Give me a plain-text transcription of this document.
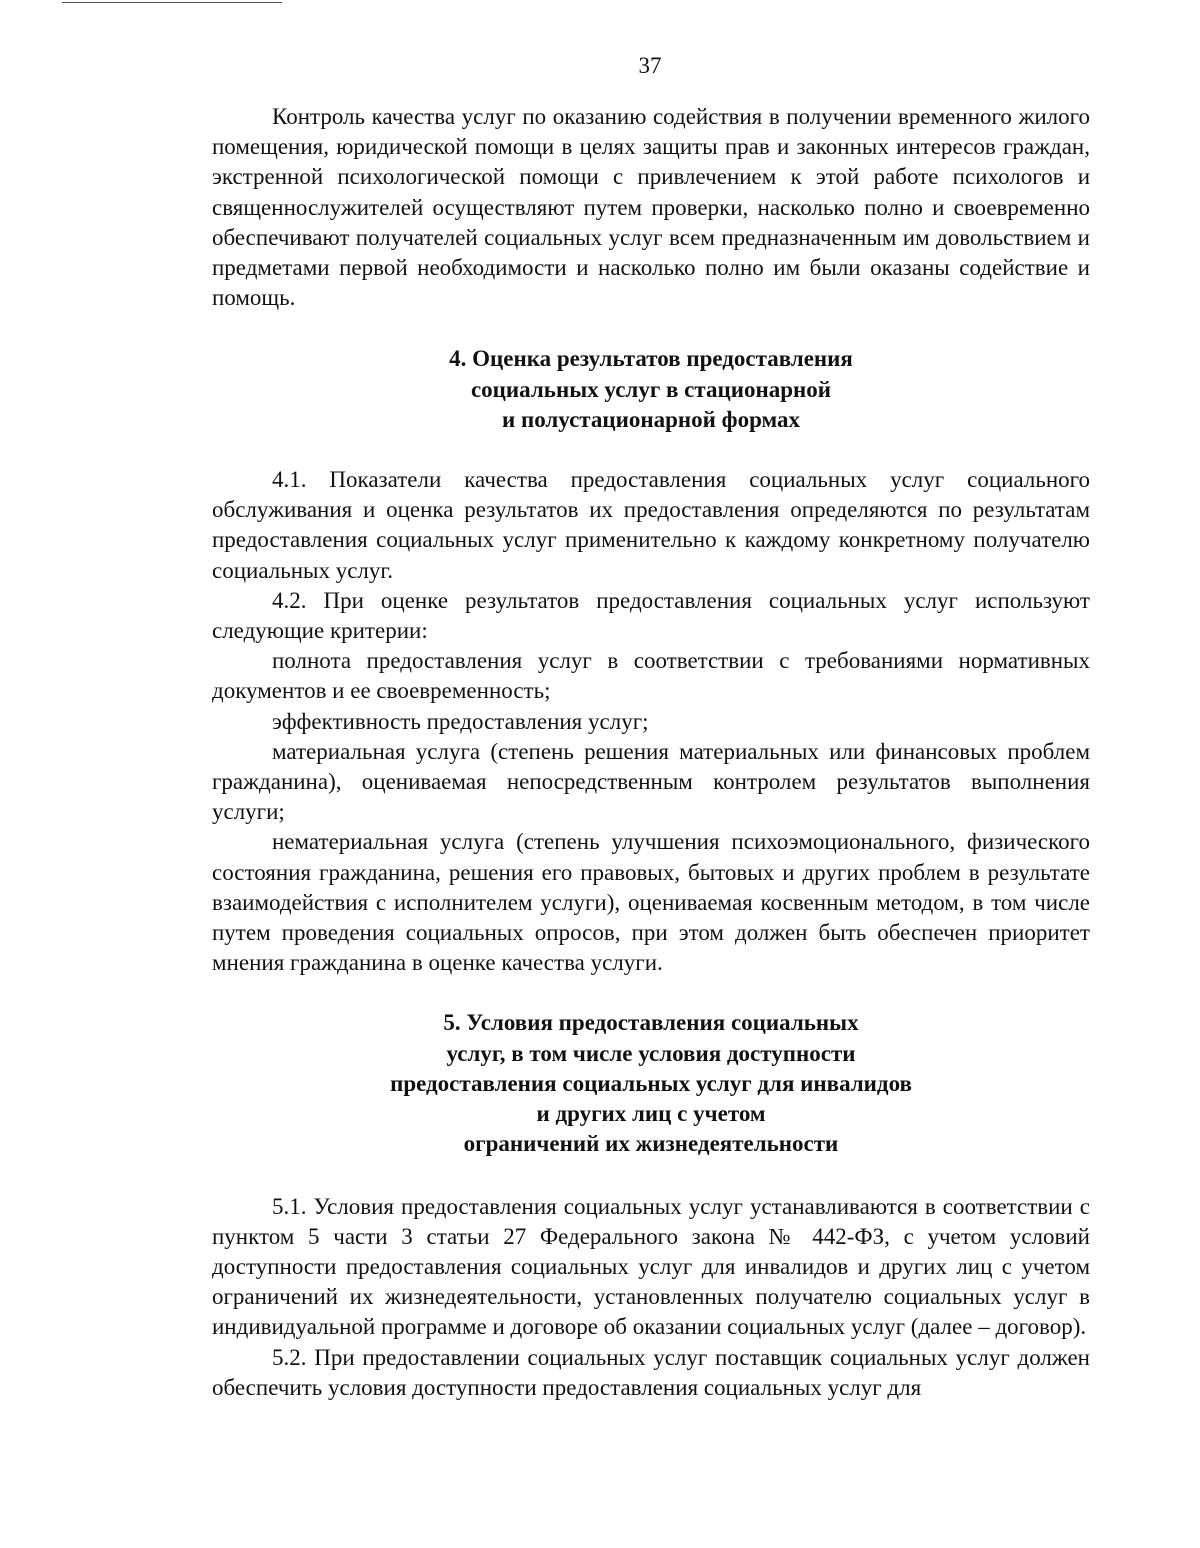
37

Контроль качества услуг по оказанию содействия в получении временного жилого помещения, юридической помощи в целях защиты прав и законных интересов граждан, экстренной психологической помощи с привлечением к этой работе психологов и священнослужителей осуществляют путем проверки, насколько полно и своевременно обеспечивают получателей социальных услуг всем предназначенным им довольствием и предметами первой необходимости и насколько полно им были оказаны содействие и помощь.

4. Оценка результатов предоставления
социальных услуг в стационарной
и полустационарной формах

4.1. Показатели качества предоставления социальных услуг социального обслуживания и оценка результатов их предоставления определяются по результатам предоставления социальных услуг применительно к каждому конкретному получателю социальных услуг.

4.2. При оценке результатов предоставления социальных услуг используют следующие критерии:

полнота предоставления услуг в соответствии с требованиями нормативных документов и ее своевременность;

эффективность предоставления услуг;

материальная услуга (степень решения материальных или финансовых проблем гражданина), оцениваемая непосредственным контролем результатов выполнения услуги;

нематериальная услуга (степень улучшения психоэмоционального, физического состояния гражданина, решения его правовых, бытовых и других проблем в результате взаимодействия с исполнителем услуги), оцениваемая косвенным методом, в том числе путем проведения социальных опросов, при этом должен быть обеспечен приоритет мнения гражданина в оценке качества услуги.

5. Условия предоставления социальных
услуг, в том числе условия доступности
предоставления социальных услуг для инвалидов
и других лиц с учетом
ограничений их жизнедеятельности

5.1. Условия предоставления социальных услуг устанавливаются в соответствии с пунктом 5 части 3 статьи 27 Федерального закона № 442-ФЗ, с учетом условий доступности предоставления социальных услуг для инвалидов и других лиц с учетом ограничений их жизнедеятельности, установленных получателю социальных услуг в индивидуальной программе и договоре об оказании социальных услуг (далее – договор).

5.2. При предоставлении социальных услуг поставщик социальных услуг должен обеспечить условия доступности предоставления социальных услуг для
